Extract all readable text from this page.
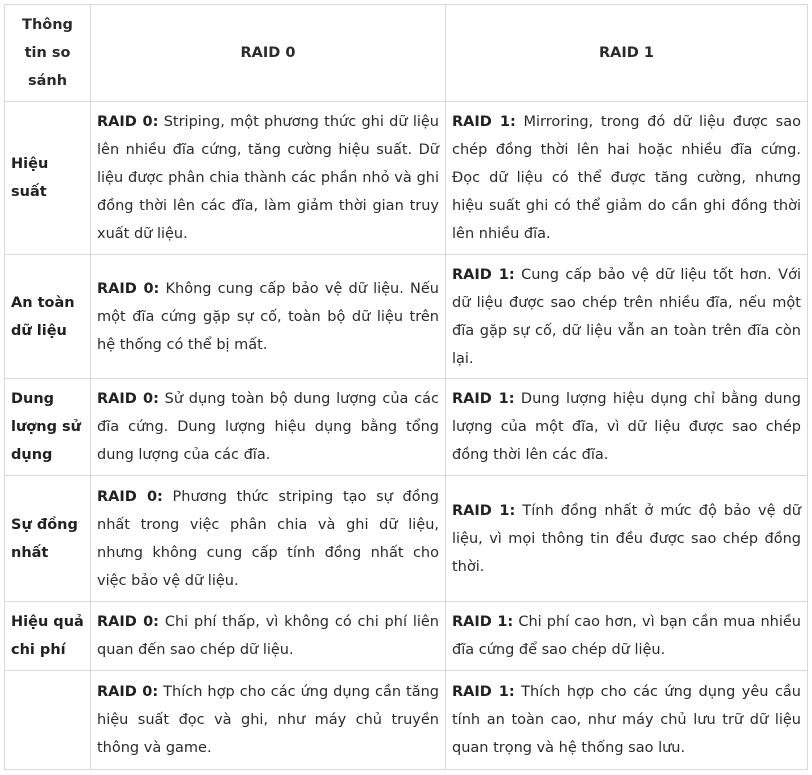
Thông tin so sánh	RAID 0	RAID 1
Hiệu suất	RAID 0: Striping, một phương thức ghi dữ liệu lên nhiều đĩa cứng, tăng cường hiệu suất. Dữ liệu được phân chia thành các phần nhỏ và ghi đồng thời lên các đĩa, làm giảm thời gian truy xuất dữ liệu.	RAID 1: Mirroring, trong đó dữ liệu được sao chép đồng thời lên hai hoặc nhiều đĩa cứng. Đọc dữ liệu có thể được tăng cường, nhưng hiệu suất ghi có thể giảm do cần ghi đồng thời lên nhiều đĩa.
An toàn dữ liệu	RAID 0: Không cung cấp bảo vệ dữ liệu. Nếu một đĩa cứng gặp sự cố, toàn bộ dữ liệu trên hệ thống có thể bị mất.	RAID 1: Cung cấp bảo vệ dữ liệu tốt hơn. Với dữ liệu được sao chép trên nhiều đĩa, nếu một đĩa gặp sự cố, dữ liệu vẫn an toàn trên đĩa còn lại.
Dung lượng sử dụng	RAID 0: Sử dụng toàn bộ dung lượng của các đĩa cứng. Dung lượng hiệu dụng bằng tổng dung lượng của các đĩa.	RAID 1: Dung lượng hiệu dụng chỉ bằng dung lượng của một đĩa, vì dữ liệu được sao chép đồng thời lên các đĩa.
Sự đồng nhất	RAID 0: Phương thức striping tạo sự đồng nhất trong việc phân chia và ghi dữ liệu, nhưng không cung cấp tính đồng nhất cho việc bảo vệ dữ liệu.	RAID 1: Tính đồng nhất ở mức độ bảo vệ dữ liệu, vì mọi thông tin đều được sao chép đồng thời.
Hiệu quả chi phí	RAID 0: Chi phí thấp, vì không có chi phí liên quan đến sao chép dữ liệu.	RAID 1: Chi phí cao hơn, vì bạn cần mua nhiều đĩa cứng để sao chép dữ liệu.
	RAID 0: Thích hợp cho các ứng dụng cần tăng hiệu suất đọc và ghi, như máy chủ truyền thông và game.	RAID 1: Thích hợp cho các ứng dụng yêu cầu tính an toàn cao, như máy chủ lưu trữ dữ liệu quan trọng và hệ thống sao lưu.
